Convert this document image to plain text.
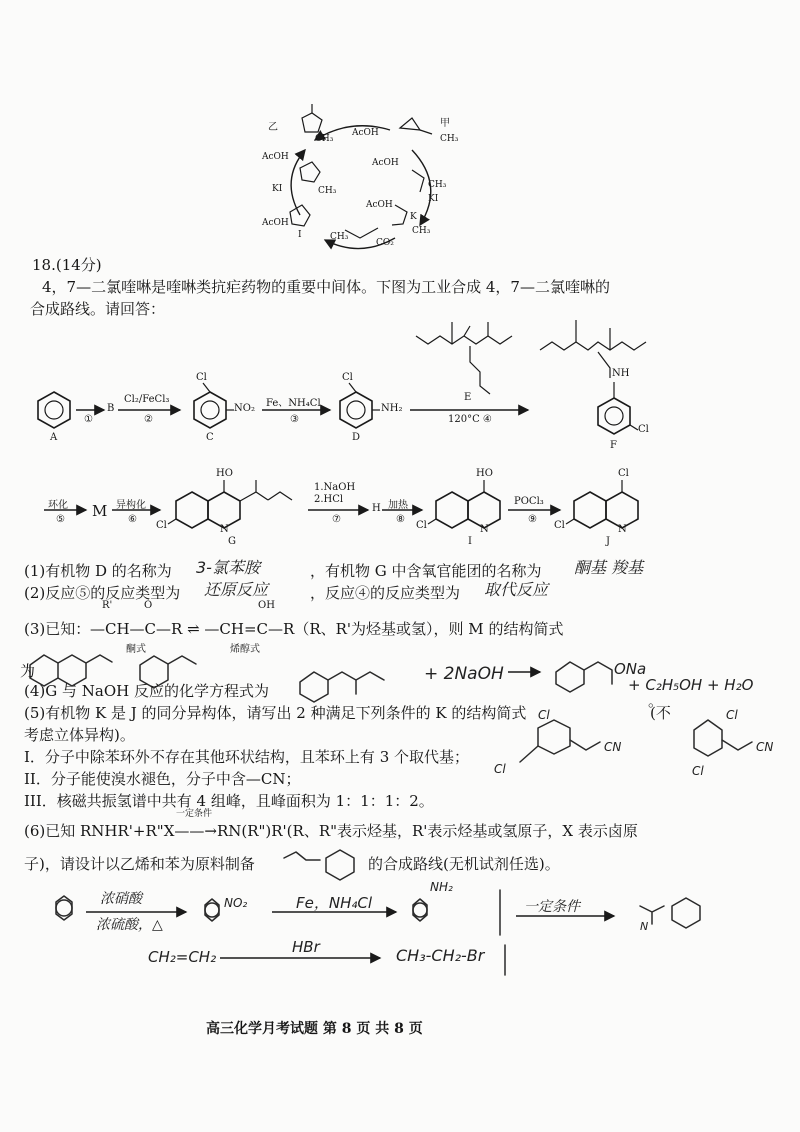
乙	甲
AcOH
AcOH
AcOH
KI
KI
AcOH
AcOH
CO₂
CH₃
CH₃
CH₃
CH₃
CH₃
CH₃
I
K
18.(14分)
4，7—二氯喹啉是喹啉类抗疟药物的重要中间体。下图为工业合成 4，7—二氯喹啉的
合成路线。请回答：
A
①
B
Cl₂/FeCl₃
②
Cl
NO₂
C
Fe、NH₄Cl
③
Cl
NH₂
D
E
120°C ④
NH
Cl
F
环化
⑤ M 异构化
⑥
HO
Cl	N
G
1.NaOH 2.HCl
⑦
H 加热
⑧
HO
Cl	N
I
POCl₃
⑨
Cl
Cl	N
J
(1)有机物 D 的名称为 3-氯苯胺	，有机物 G 中含氧官能团的名称为 酮基 羧基
(2)反应⑤的反应类型为 还原反应	，反应④的反应类型为 取代反应
R'	O	OH
(3)已知： —CH—C—R ⇌ —CH=C—R（R、R'为烃基或氢），则 M 的结构简式
酮式	烯醇式
为
(4)G 与 NaOH 反应的化学方程式为
+ 2NaOH	ONa
+ C₂H₅OH + H₂O
。
(5)有机物 K 是 J 的同分异构体，请写出 2 种满足下列条件的 K 的结构简式	(不
考虑立体异构)。
I．分子中除苯环外不存在其他环状结构，且苯环上有 3 个取代基；
II．分子能使溴水褪色，分子中含—CN；
III．核磁共振氢谱中共有 4 组峰，且峰面积为 1：1：1：2。
Cl
Cl
CN
Cl
Cl
CN
一定条件
(6)已知 RNHR'+R"X——→RN(R")R'(R、R"表示烃基，R'表示烃基或氢原子，X 表示卤原
子)，请设计以乙烯和苯为原料制备	的合成路线(无机试剂任选)。
浓硝酸
浓硫酸，△
NO₂	Fe，NH₄Cl
NH₂
一定条件
N
CH₂=CH₂
HBr	CH₃-CH₂-Br
高三化学月考试题 第 8 页 共 8 页
